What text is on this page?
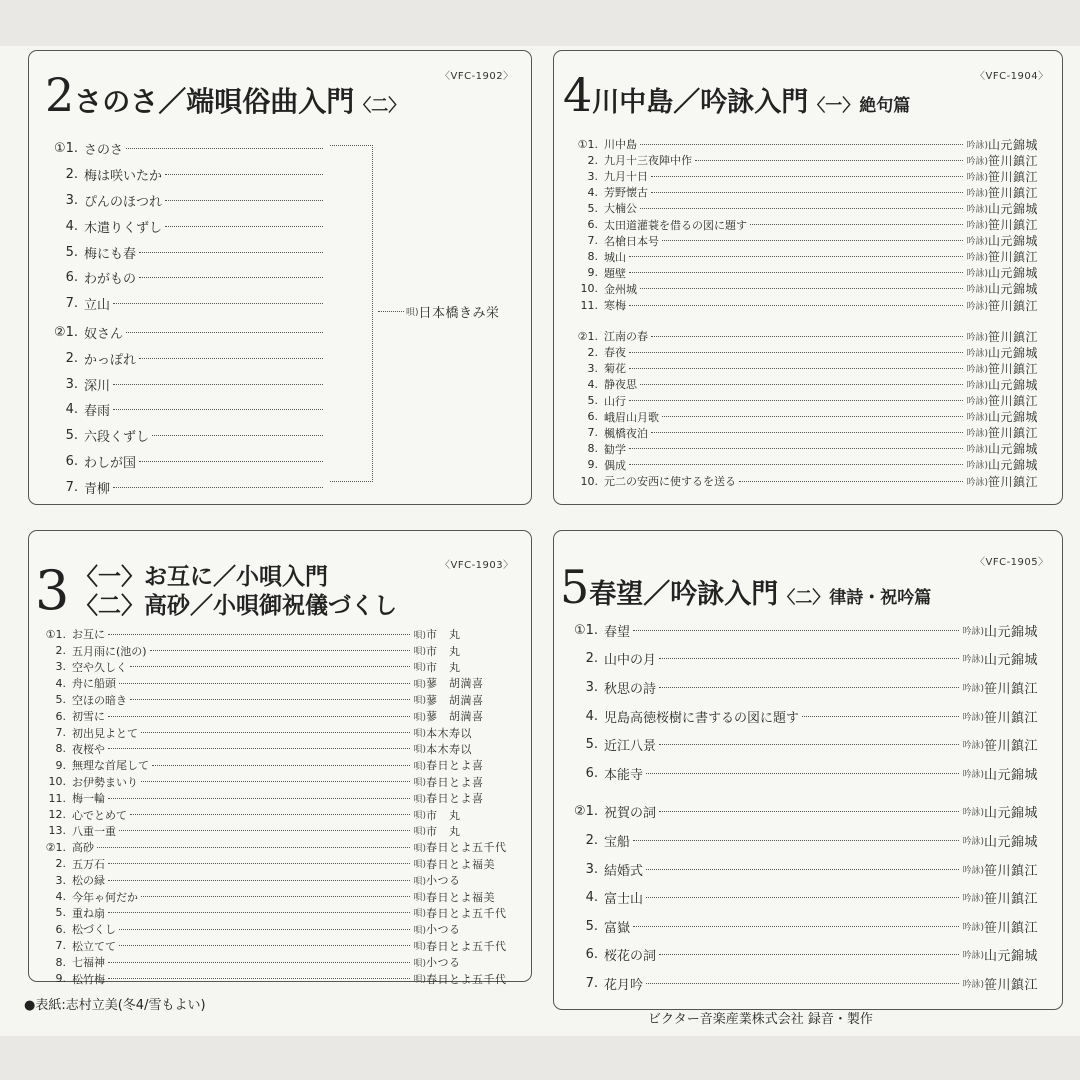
〈VFC-1902〉
2さのさ／端唄俗曲入門〈二〉
①1. さのさ
2. 梅は咲いたか
3. ぴんのほつれ
4. 木遣りくずし
5. 梅にも春
6. わがもの
7. 立山
②1. 奴さん
2. かっぽれ
3. 深川
4. 春雨
5. 六段くずし
6. わしが国
7. 青柳
唄) 日本橋きみ栄
〈VFC-1904〉
4川中島／吟詠入門〈一〉絶句篇
①1. 川中島	吟詠) 山元錦城
2. 九月十三夜陣中作	吟詠) 笹川鎮江
3. 九月十日	吟詠) 笹川鎮江
4. 芳野懐古	吟詠) 笹川鎮江
5. 大楠公	吟詠) 山元錦城
6. 太田道灌蓑を借るの図に題す	吟詠) 笹川鎮江
7. 名槍日本号	吟詠) 山元錦城
8. 城山	吟詠) 笹川鎮江
9. 題壁	吟詠) 山元錦城
10. 金州城	吟詠) 山元錦城
11. 寒梅	吟詠) 笹川鎮江
②1. 江南の春	吟詠) 笹川鎮江
2. 春夜	吟詠) 山元錦城
3. 菊花	吟詠) 笹川鎮江
4. 静夜思	吟詠) 山元錦城
5. 山行	吟詠) 笹川鎮江
6. 峨眉山月歌	吟詠) 山元錦城
7. 楓橋夜泊	吟詠) 笹川鎮江
8. 勧学	吟詠) 山元錦城
9. 偶成	吟詠) 山元錦城
10. 元二の安西に使するを送る	吟詠) 笹川鎮江
〈VFC-1903〉
3 〈一〉お互に／小唄入門
〈二〉高砂／小唄御祝儀づくし
①1. お互に	唄) 市　丸
2. 五月雨に(池の)	唄) 市　丸
3. 空や久しく	唄) 市　丸
4. 舟に船頭	唄) 蓼　胡満喜
5. 空ほの暗き	唄) 蓼　胡満喜
6. 初雪に	唄) 蓼　胡満喜
7. 初出見よとて	唄) 本木寿以
8. 夜桜や	唄) 本木寿以
9. 無理な首尾して	唄) 春日とよ喜
10. お伊勢まいり	唄) 春日とよ喜
11. 梅一輪	唄) 春日とよ喜
12. 心でとめて	唄) 市　丸
13. 八重一重	唄) 市　丸
②1. 高砂	唄) 春日とよ五千代
2. 五万石	唄) 春日とよ福美
3. 松の緑	唄) 小つる
4. 今年ゃ何だか	唄) 春日とよ福美
5. 重ね扇	唄) 春日とよ五千代
6. 松づくし	唄) 小つる
7. 松立てて	唄) 春日とよ五千代
8. 七福神	唄) 小つる
9. 松竹梅	唄) 春日とよ五千代
〈VFC-1905〉
5春望／吟詠入門〈二〉律詩・祝吟篇
①1. 春望	吟詠) 山元錦城
2. 山中の月	吟詠) 山元錦城
3. 秋思の詩	吟詠) 笹川鎮江
4. 児島高徳桜樹に書するの図に題す	吟詠) 笹川鎮江
5. 近江八景	吟詠) 笹川鎮江
6. 本能寺	吟詠) 山元錦城
②1. 祝賀の詞	吟詠) 山元錦城
2. 宝船	吟詠) 山元錦城
3. 結婚式	吟詠) 笹川鎮江
4. 富士山	吟詠) 笹川鎮江
5. 富嶽	吟詠) 笹川鎮江
6. 桜花の詞	吟詠) 山元錦城
7. 花月吟	吟詠) 笹川鎮江
●表紙:志村立美(冬4/雪もよい)
ビクター音楽産業株式会社 録音・製作
